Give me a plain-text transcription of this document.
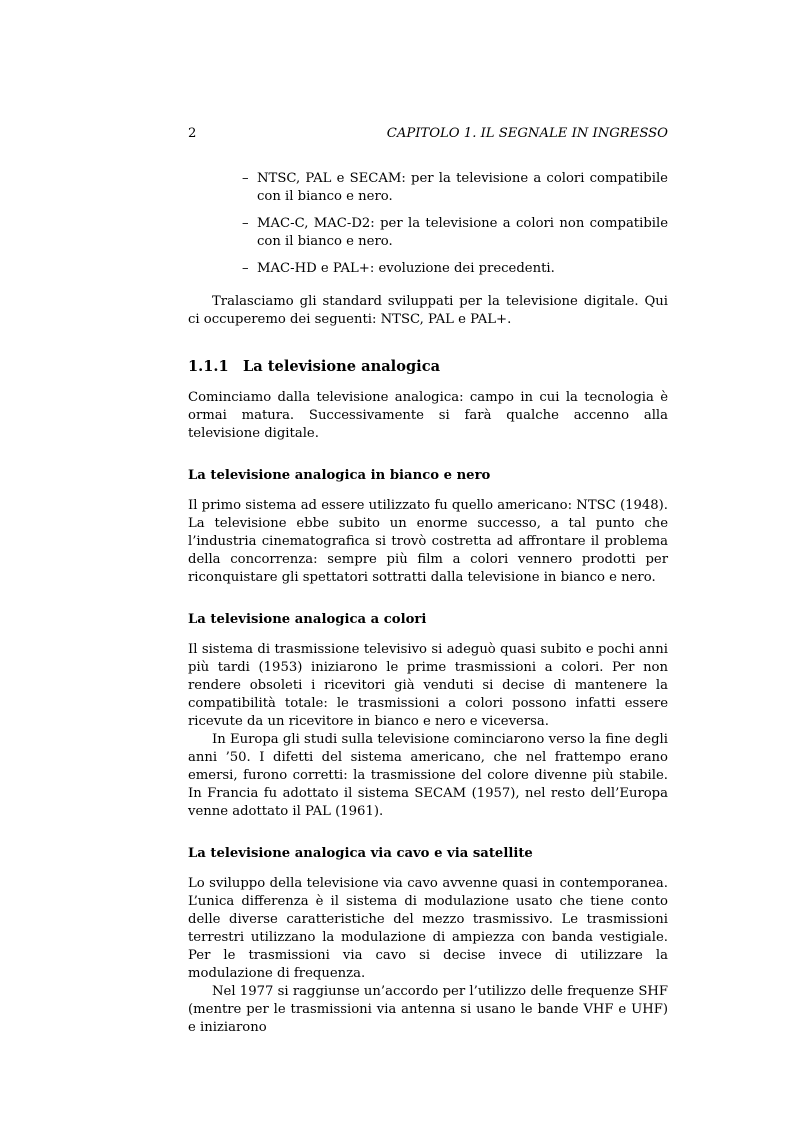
2	CAPITOLO 1. IL SEGNALE IN INGRESSO
– NTSC, PAL e SECAM: per la televisione a colori compatibile con il bianco e nero.
– MAC-C, MAC-D2: per la televisione a colori non compatibile con il bianco e nero.
– MAC-HD e PAL+: evoluzione dei precedenti.

Tralasciamo gli standard sviluppati per la televisione digitale. Qui ci occuperemo dei seguenti: NTSC, PAL e PAL+.

1.1.1 La televisione analogica

Cominciamo dalla televisione analogica: campo in cui la tecnologia è ormai matura. Successivamente si farà qualche accenno alla televisione digitale.

La televisione analogica in bianco e nero

Il primo sistema ad essere utilizzato fu quello americano: NTSC (1948). La televisione ebbe subito un enorme successo, a tal punto che l’industria cinematografica si trovò costretta ad affrontare il problema della concorrenza: sempre più film a colori vennero prodotti per riconquistare gli spettatori sottratti dalla televisione in bianco e nero.

La televisione analogica a colori

Il sistema di trasmissione televisivo si adeguò quasi subito e pochi anni più tardi (1953) iniziarono le prime trasmissioni a colori. Per non rendere obsoleti i ricevitori già venduti si decise di mantenere la compatibilità totale: le trasmissioni a colori possono infatti essere ricevute da un ricevitore in bianco e nero e viceversa.

In Europa gli studi sulla televisione cominciarono verso la fine degli anni ’50. I difetti del sistema americano, che nel frattempo erano emersi, furono corretti: la trasmissione del colore divenne più stabile. In Francia fu adottato il sistema SECAM (1957), nel resto dell’Europa venne adottato il PAL (1961).

La televisione analogica via cavo e via satellite

Lo sviluppo della televisione via cavo avvenne quasi in contemporanea. L’unica differenza è il sistema di modulazione usato che tiene conto delle diverse caratteristiche del mezzo trasmissivo. Le trasmissioni terrestri utilizzano la modulazione di ampiezza con banda vestigiale. Per le trasmissioni via cavo si decise invece di utilizzare la modulazione di frequenza.

Nel 1977 si raggiunse un’accordo per l’utilizzo delle frequenze SHF (mentre per le trasmissioni via antenna si usano le bande VHF e UHF) e iniziarono
